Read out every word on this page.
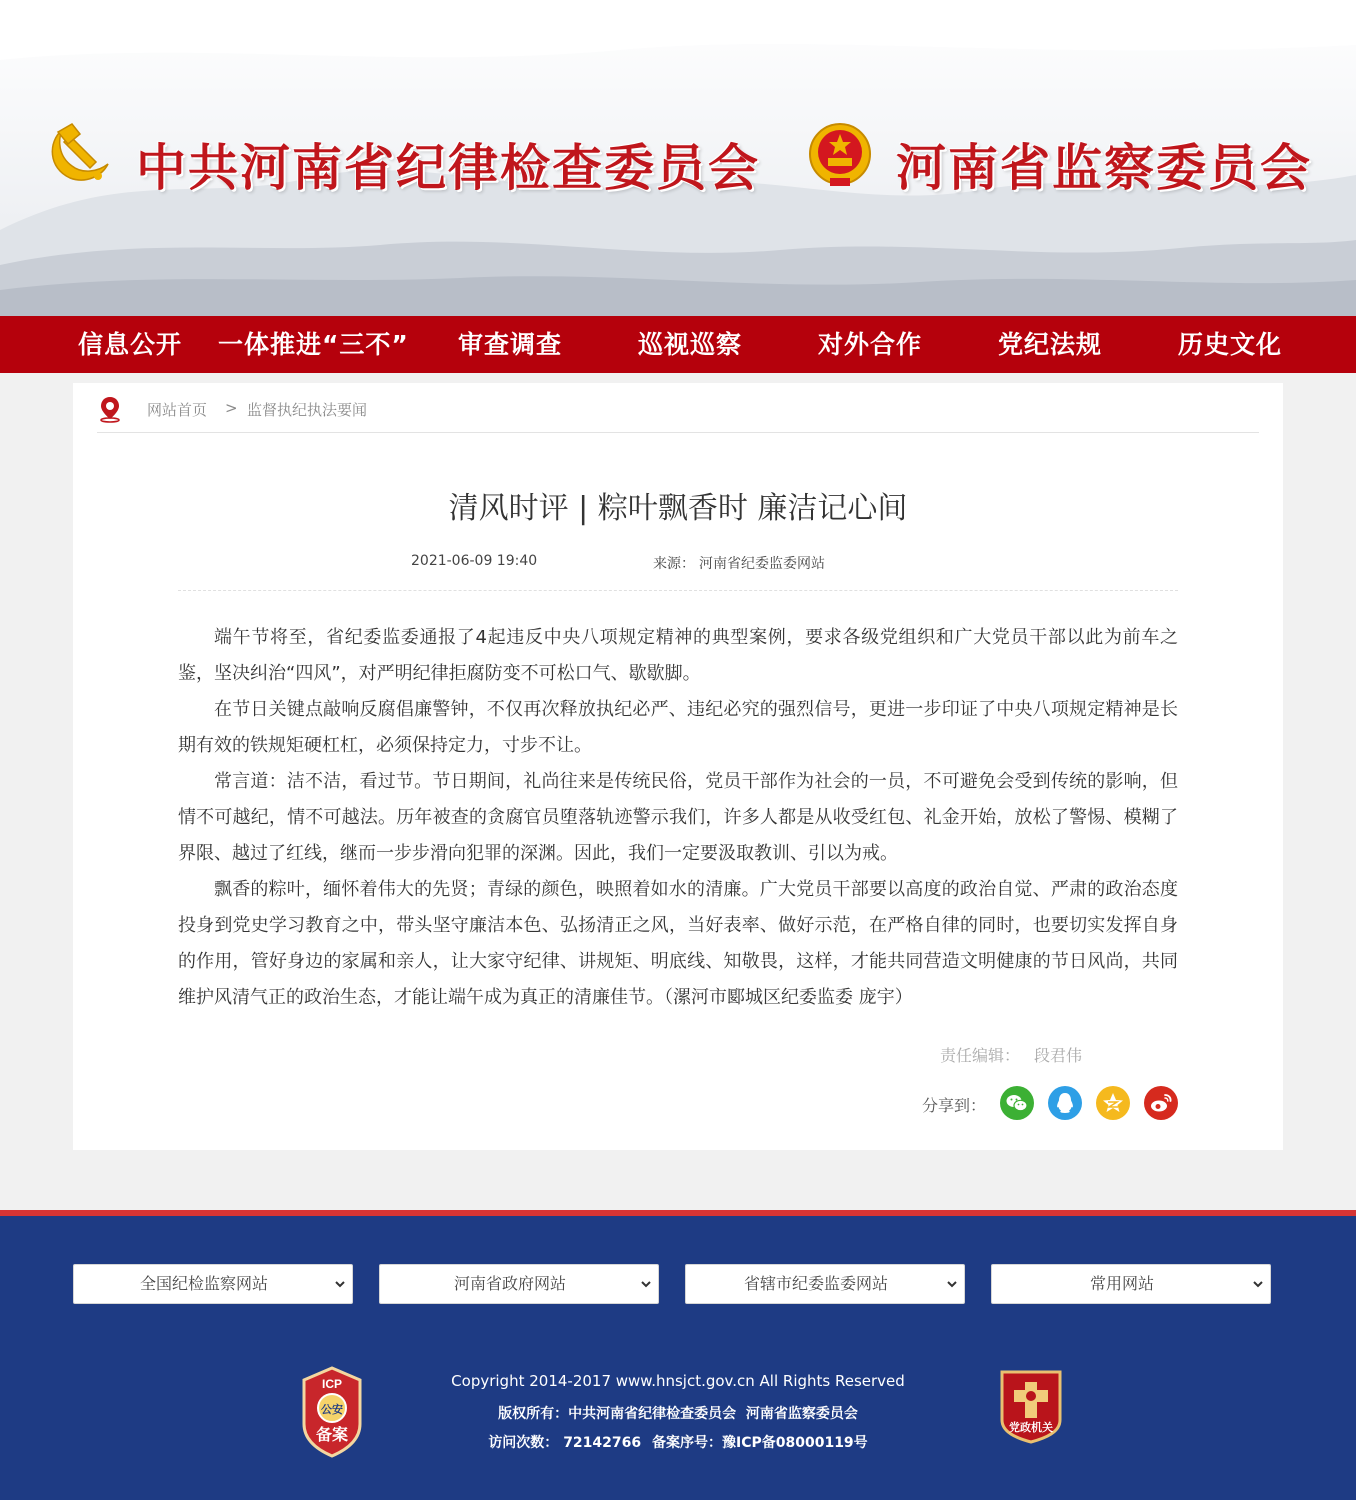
中共河南省纪律检查委员会	河南省监察委员会
信息公开 一体推进“三不” 审查调查	巡视巡察	对外合作	党纪法规	历史文化
网站首页 > 监督执纪执法要闻
清风时评 | 粽叶飘香时 廉洁记心间
2021-06-09 19:40	来源： 河南省纪委监委网站

端午节将至，省纪委监委通报了4起违反中央八项规定精神的典型案例，要求各级党组织和广大党员干部以此为前车之鉴，坚决纠治“四风”，对严明纪律拒腐防变不可松口气、歇歇脚。

在节日关键点敲响反腐倡廉警钟，不仅再次释放执纪必严、违纪必究的强烈信号，更进一步印证了中央八项规定精神是长期有效的铁规矩硬杠杠，必须保持定力，寸步不让。

常言道：洁不洁，看过节。节日期间，礼尚往来是传统民俗，党员干部作为社会的一员，不可避免会受到传统的影响，但情不可越纪，情不可越法。历年被查的贪腐官员堕落轨迹警示我们，许多人都是从收受红包、礼金开始，放松了警惕、模糊了界限、越过了红线，继而一步步滑向犯罪的深渊。因此，我们一定要汲取教训、引以为戒。

飘香的粽叶，缅怀着伟大的先贤；青绿的颜色，映照着如水的清廉。广大党员干部要以高度的政治自觉、严肃的政治态度投身到党史学习教育之中，带头坚守廉洁本色、弘扬清正之风，当好表率、做好示范，在严格自律的同时，也要切实发挥自身的作用，管好身边的家属和亲人，让大家守纪律、讲规矩、明底线、知敬畏，这样，才能共同营造文明健康的节日风尚，共同维护风清气正的政治生态，才能让端午成为真正的清廉佳节。（漯河市郾城区纪委监委 庞宇）

责任编辑： 段君伟
分享到：
全国纪检监察网站	河南省政府网站	省辖市纪委监委网站	常用网站
ICP
公安
备案
Copyright 2014-2017 www.hnsjct.gov.cn All Rights Reserved
版权所有：中共河南省纪律检查委员会  河南省监察委员会
访问次数： 72142766 备案序号：豫ICP备08000119号
党政机关
